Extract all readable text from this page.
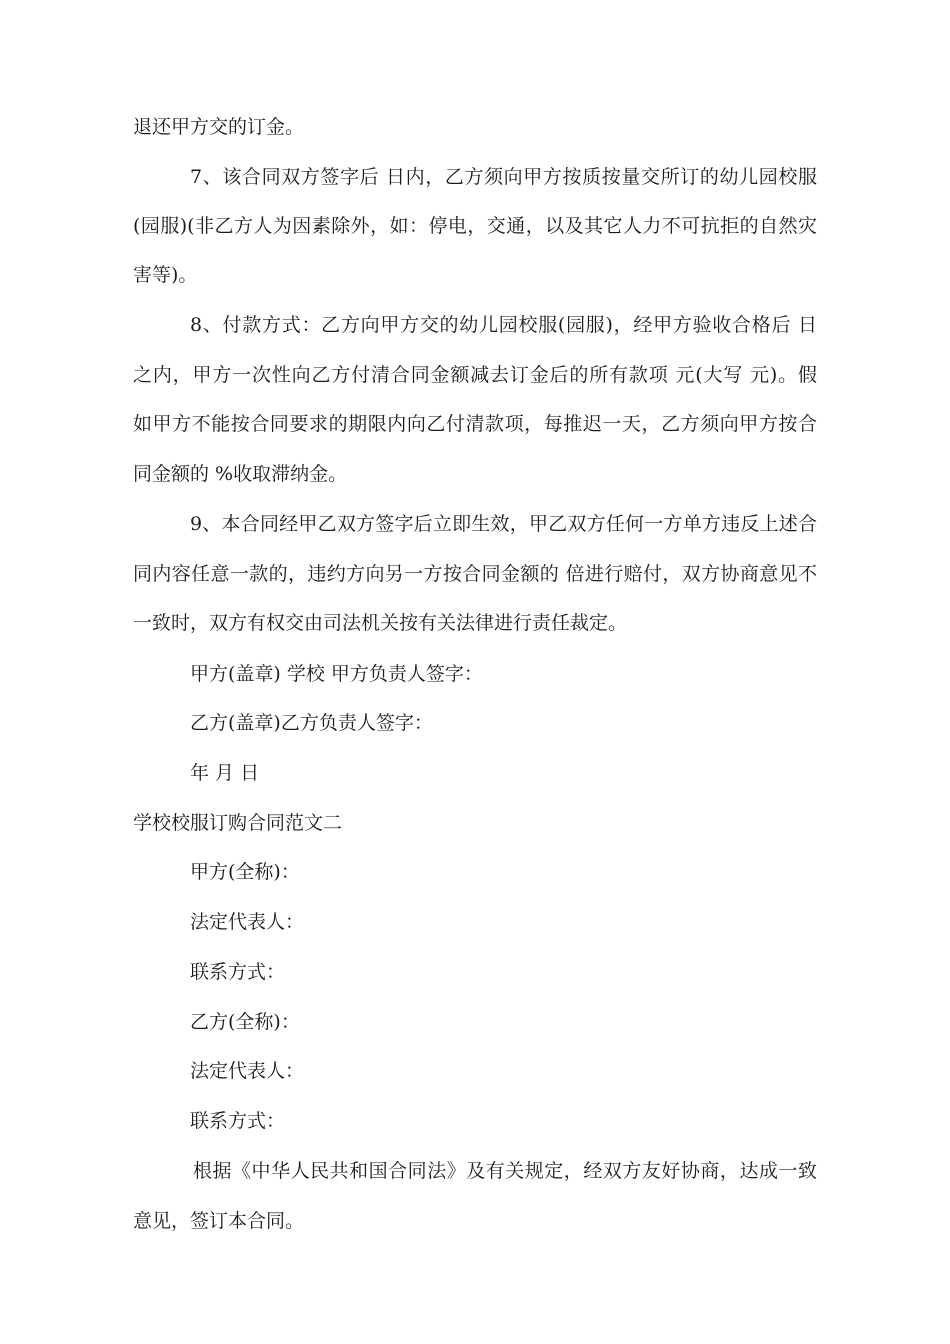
退还甲方交的订金。
7、该合同双方签字后 日内，乙方须向甲方按质按量交所订的幼儿园校服
(园服)(非乙方人为因素除外，如：停电，交通，以及其它人力不可抗拒的自然灾
害等)。
8、付款方式：乙方向甲方交的幼儿园校服(园服)，经甲方验收合格后 日
之内，甲方一次性向乙方付清合同金额减去订金后的所有款项 元(大写 元)。假
如甲方不能按合同要求的期限内向乙付清款项，每推迟一天，乙方须向甲方按合
同金额的 %收取滞纳金。
9、本合同经甲乙双方签字后立即生效，甲乙双方任何一方单方违反上述合
同内容任意一款的，违约方向另一方按合同金额的 倍进行赔付，双方协商意见不
一致时，双方有权交由司法机关按有关法律进行责任裁定。
甲方(盖章) 学校 甲方负责人签字：
乙方(盖章)乙方负责人签字：
年 月 日
学校校服订购合同范文二
甲方(全称)：
法定代表人：
联系方式：
乙方(全称)：
法定代表人：
联系方式：
根据《中华人民共和国合同法》及有关规定，经双方友好协商，达成一致
意见，签订本合同。
